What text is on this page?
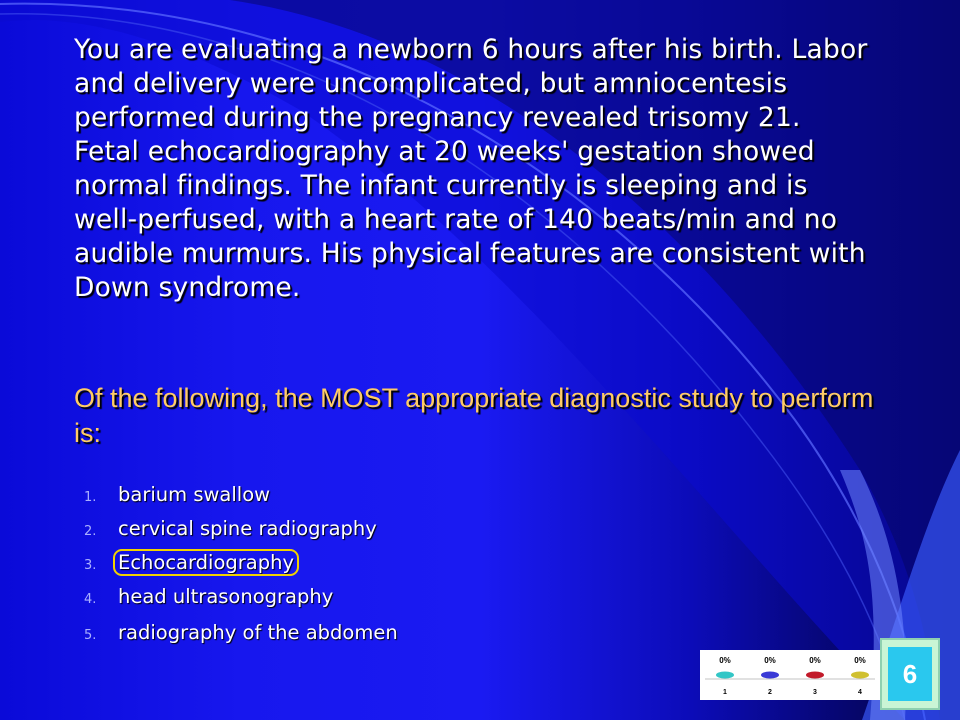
You are evaluating a newborn 6 hours after his birth. Labor and delivery were uncomplicated, but amniocentesis performed during the pregnancy revealed trisomy 21. Fetal echocardiography at 20 weeks' gestation showed normal findings. The infant currently is sleeping and is well-perfused, with a heart rate of 140 beats/min and no audible murmurs. His physical features are consistent with Down syndrome.

Of the following, the MOST appropriate diagnostic study to perform is:

1. barium swallow
2. cervical spine radiography
3. Echocardiography
4. head ultrasonography
5. radiography of the abdomen
0%	0%	0%	0%
1	2	3	4
6
